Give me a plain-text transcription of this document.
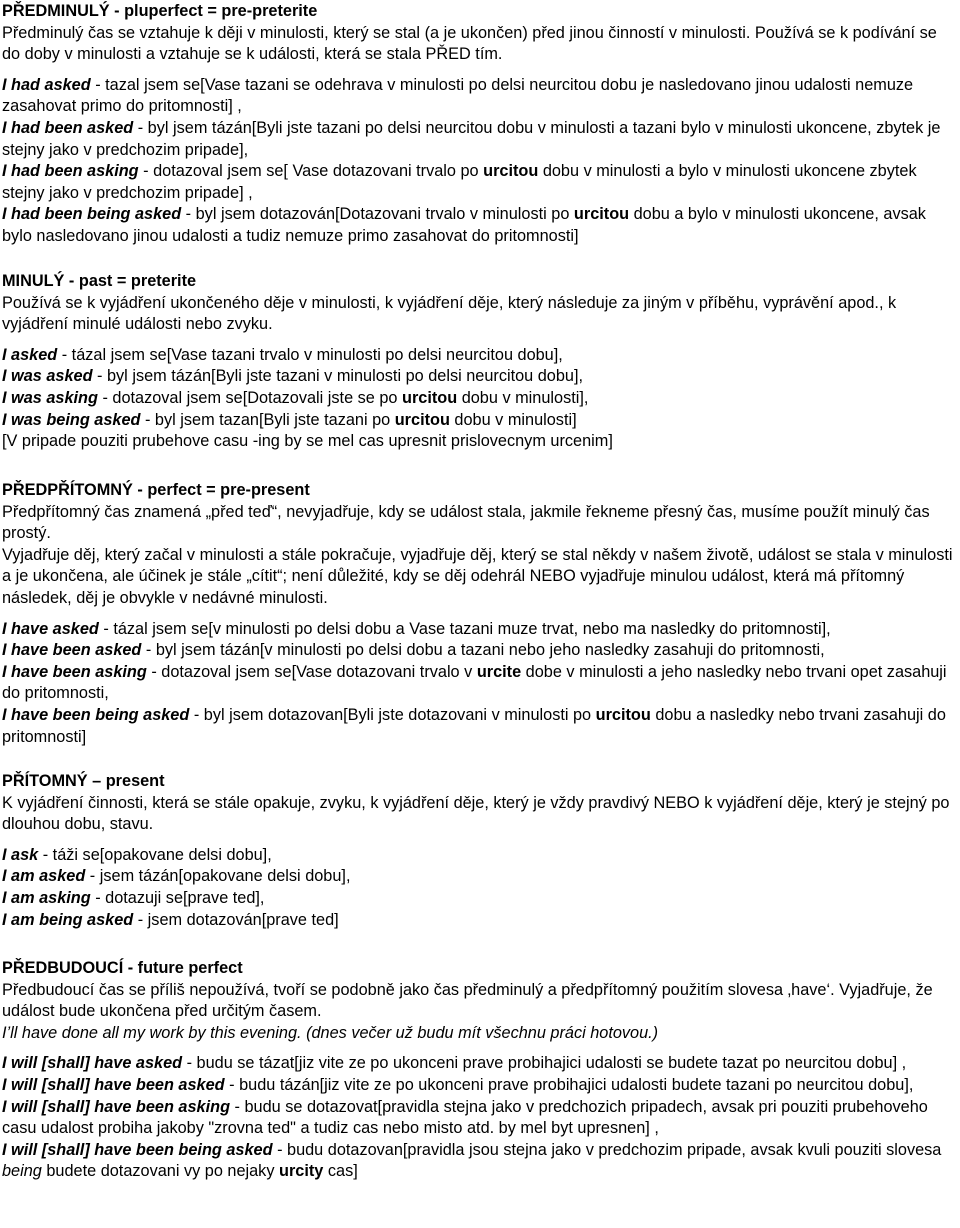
PŘEDMINULÝ - pluperfect = pre-preterite

Předminulý čas se vztahuje k ději v minulosti, který se stal (a je ukončen) před jinou činností v minulosti. Používá se k podívání se do doby v minulosti a vztahuje se k události, která se stala PŘED tím.

I had asked - tazal jsem se[Vase tazani se odehrava v minulosti po delsi neurcitou dobu je nasledovano jinou udalosti nemuze zasahovat primo do pritomnosti] ,

I had been asked - byl jsem tázán[Byli jste tazani po delsi neurcitou dobu v minulosti a tazani bylo v minulosti ukoncene, zbytek je stejny jako v predchozim pripade],

I had been asking - dotazoval jsem se[ Vase dotazovani trvalo po urcitou dobu v minulosti a bylo v minulosti ukoncene zbytek stejny jako v predchozim pripade] ,

I had been being asked - byl jsem dotazován[Dotazovani trvalo v minulosti po urcitou dobu a bylo v minulosti ukoncene, avsak bylo nasledovano jinou udalosti a tudiz nemuze primo zasahovat do pritomnosti]

MINULÝ - past = preterite

Používá se k vyjádření ukončeného děje v minulosti, k vyjádření děje, který následuje za jiným v příběhu, vyprávění apod., k vyjádření minulé události nebo zvyku.

I asked - tázal jsem se[Vase tazani trvalo v minulosti po delsi neurcitou dobu],

I was asked - byl jsem tázán[Byli jste tazani v minulosti po delsi neurcitou dobu],

I was asking - dotazoval jsem se[Dotazovali jste se po urcitou dobu v minulosti],

I was being asked - byl jsem tazan[Byli jste tazani po urcitou dobu v minulosti]

[V pripade pouziti prubehove casu -ing by se mel cas upresnit prislovecnym urcenim]

PŘEDPŘÍTOMNÝ - perfect = pre-present

Předpřítomný čas znamená „před teď“, nevyjadřuje, kdy se událost stala, jakmile řekneme přesný čas, musíme použít minulý čas prostý.

Vyjadřuje děj, který začal v minulosti a stále pokračuje, vyjadřuje děj, který se stal někdy v našem životě, událost se stala v minulosti a je ukončena, ale účinek je stále „cítit“; není důležité, kdy se děj odehrál NEBO vyjadřuje minulou událost, která má přítomný následek, děj je obvykle v nedávné minulosti.

I have asked - tázal jsem se[v minulosti po delsi dobu a Vase tazani muze trvat, nebo ma nasledky do pritomnosti],

I have been asked - byl jsem tázán[v minulosti po delsi dobu a tazani nebo jeho nasledky zasahuji do pritomnosti,

I have been asking - dotazoval jsem se[Vase dotazovani trvalo v urcite dobe v minulosti a jeho nasledky nebo trvani opet zasahuji do pritomnosti,

I have been being asked - byl jsem dotazovan[Byli jste dotazovani v minulosti po urcitou dobu a nasledky nebo trvani zasahuji do pritomnosti]

PŘÍTOMNÝ – present

K vyjádření činnosti, která se stále opakuje, zvyku, k vyjádření děje, který je vždy pravdivý NEBO k vyjádření děje, který je stejný po dlouhou dobu, stavu.

I ask - táži se[opakovane delsi dobu],

I am asked - jsem tázán[opakovane delsi dobu],

I am asking - dotazuji se[prave ted],

I am being asked - jsem dotazován[prave ted]

PŘEDBUDOUCÍ - future perfect

Předbudoucí čas se příliš nepoužívá, tvoří se podobně jako čas předminulý a předpřítomný použitím slovesa ‚have‘. Vyjadřuje, že událost bude ukončena před určitým časem.

I’ll have done all my work by this evening. (dnes večer už budu mít všechnu práci hotovou.)

I will [shall] have asked - budu se tázat[jiz vite ze po ukonceni prave probihajici udalosti se budete tazat po neurcitou dobu] ,

I will [shall] have been asked - budu tázán[jiz vite ze po ukonceni prave probihajici udalosti budete tazani po neurcitou dobu],

I will [shall] have been asking - budu se dotazovat[pravidla stejna jako v predchozich pripadech, avsak pri pouziti prubehoveho casu udalost probiha jakoby "zrovna ted" a tudiz cas nebo misto atd. by mel byt upresnen] ,

I will [shall] have been being asked - budu dotazovan[pravidla jsou stejna jako v predchozim pripade, avsak kvuli pouziti slovesa being budete dotazovani vy po nejaky urcity cas]
